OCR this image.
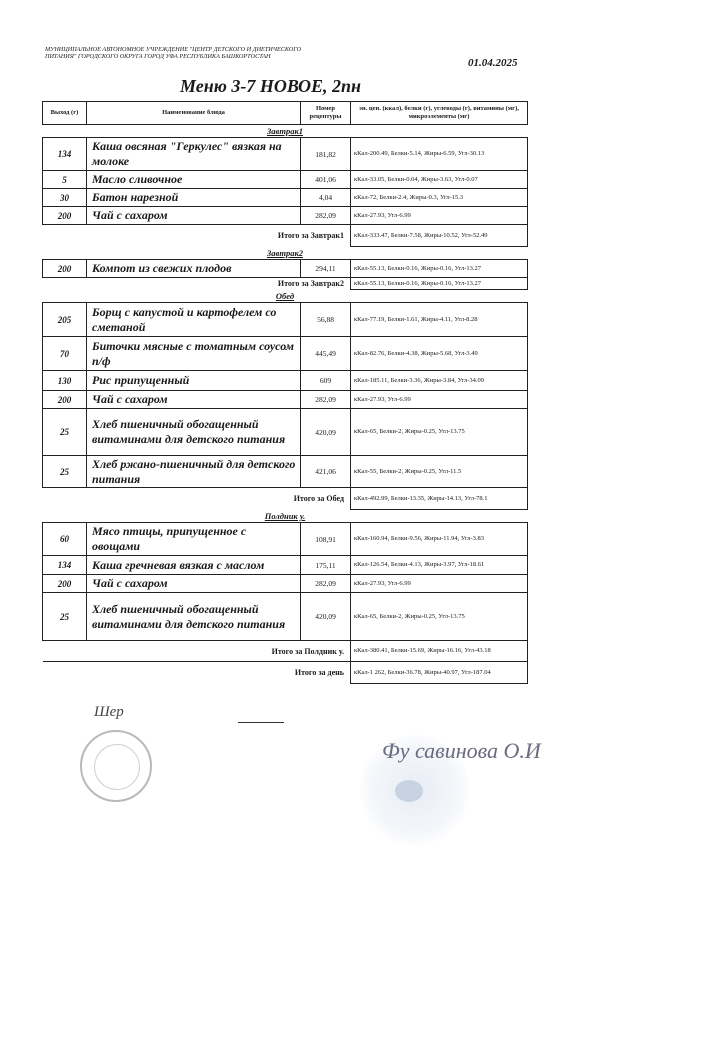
МУНИЦИПАЛЬНОЕ АВТОНОМНОЕ УЧРЕЖДЕНИЕ "ЦЕНТР ДЕТСКОГО И ДИЕТИЧЕСКОГО ПИТАНИЯ" ГОРОДСКОГО ОКРУГА ГОРОД УФА РЕСПУБЛИКА БАШКОРТОСТАН
01.04.2025
Меню 3-7 НОВОЕ, 2пн
Выход (г)	Наименование блюда	Номер рецептуры	эн. цен. (ккал), белки (г), углеводы (г), витамины (мг), микроэлементы (мг)
Завтрак1			
134	Каша овсяная "Геркулес" вязкая на молоке	181,82	кКал-200.49, Белки-5.14, Жиры-6.59, Угл-30.13
5	Масло сливочное	401,06	кКал-33.05, Белки-0.04, Жиры-3.63, Угл-0.07
30	Батон нарезной	4,04	кКал-72, Белки-2.4, Жиры-0.3, Угл-15.3
200	Чай с сахаром	282,09	кКал-27.93, Угл-6.99
Итого за Завтрак1			кКал-333.47, Белки-7.58, Жиры-10.52, Угл-52.49
Завтрак2			
200	Компот из свежих плодов	294,11	кКал-55.13, Белки-0.16, Жиры-0.16, Угл-13.27
Итого за Завтрак2			кКал-55.13, Белки-0.16, Жиры-0.16, Угл-13.27
Обед			
205	Борщ с капустой и картофелем со сметаной	56,88	кКал-77.19, Белки-1.61, Жиры-4.11, Угл-8.28
70	Биточки мясные с томатным соусом п/ф	445,49	кКал-82.76, Белки-4.38, Жиры-5.68, Угл-3.49
130	Рис припущенный	609	кКал-185.11, Белки-3.36, Жиры-3.84, Угл-34.09
200	Чай с сахаром	282,09	кКал-27.93, Угл-6.99
25	Хлеб пшеничный обогащенный витаминами для детского питания	420,09	кКал-65, Белки-2, Жиры-0.25, Угл-13.75
25	Хлеб ржано-пшеничный для детского питания	421,06	кКал-55, Белки-2, Жиры-0.25, Угл-11.5
Итого за Обед			кКал-492.99, Белки-13.35, Жиры-14.13, Угл-78.1
Полдник у.			
60	Мясо птицы, припущенное с овощами	108,91	кКал-160.94, Белки-9.56, Жиры-11.94, Угл-3.83
134	Каша гречневая вязкая с маслом	175,11	кКал-126.54, Белки-4.13, Жиры-3.97, Угл-18.61
200	Чай с сахаром	282,09	кКал-27.93, Угл-6.99
25	Хлеб пшеничный обогащенный витаминами для детского питания	420,09	кКал-65, Белки-2, Жиры-0.25, Угл-13.75
Итого за Полдник у.			кКал-380.41, Белки-15.69, Жиры-16.16, Угл-43.18
Итого за день			кКал-1 262, Белки-36.78, Жиры-40.97, Угл-187.04
Шер
Фу савинова О.И
